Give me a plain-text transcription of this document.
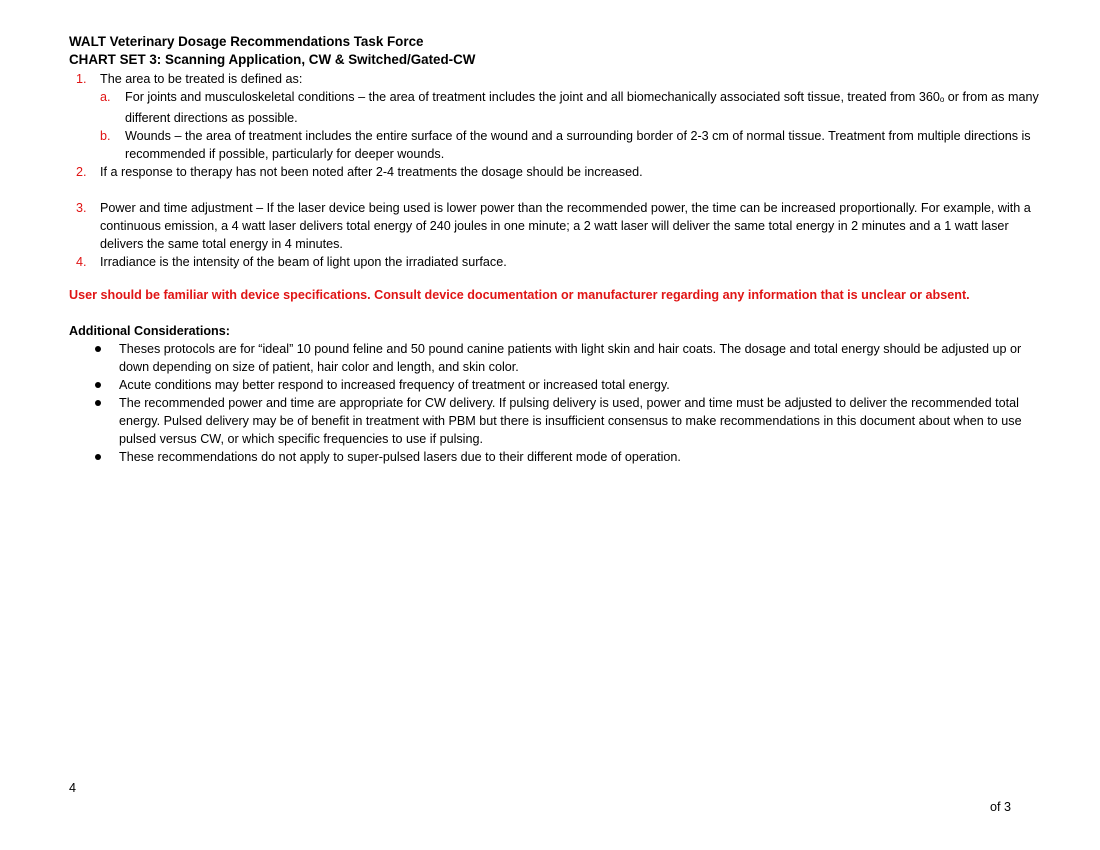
WALT Veterinary Dosage Recommendations Task Force
CHART SET 3: Scanning Application, CW & Switched/Gated-CW
1. The area to be treated is defined as:
a. For joints and musculoskeletal conditions – the area of treatment includes the joint and all biomechanically associated soft tissue, treated from 360o or from as many different directions as possible.
b. Wounds – the area of treatment includes the entire surface of the wound and a surrounding border of 2-3 cm of normal tissue. Treatment from multiple directions is recommended if possible, particularly for deeper wounds.
2. If a response to therapy has not been noted after 2-4 treatments the dosage should be increased.
3. Power and time adjustment – If the laser device being used is lower power than the recommended power, the time can be increased proportionally. For example, with a continuous emission, a 4 watt laser delivers total energy of 240 joules in one minute; a 2 watt laser will deliver the same total energy in 2 minutes and a 1 watt laser delivers the same total energy in 4 minutes.
4. Irradiance is the intensity of the beam of light upon the irradiated surface.
User should be familiar with device specifications. Consult device documentation or manufacturer regarding any information that is unclear or absent.
Additional Considerations:
Theses protocols are for “ideal” 10 pound feline and 50 pound canine patients with light skin and hair coats. The dosage and total energy should be adjusted up or down depending on size of patient, hair color and length, and skin color.
Acute conditions may better respond to increased frequency of treatment or increased total energy.
The recommended power and time are appropriate for CW delivery. If pulsing delivery is used, power and time must be adjusted to deliver the recommended total energy. Pulsed delivery may be of benefit in treatment with PBM but there is insufficient consensus to make recommendations in this document about when to use pulsed versus CW, or which specific frequencies to use if pulsing.
These recommendations do not apply to super-pulsed lasers due to their different mode of operation.
4
of 3
